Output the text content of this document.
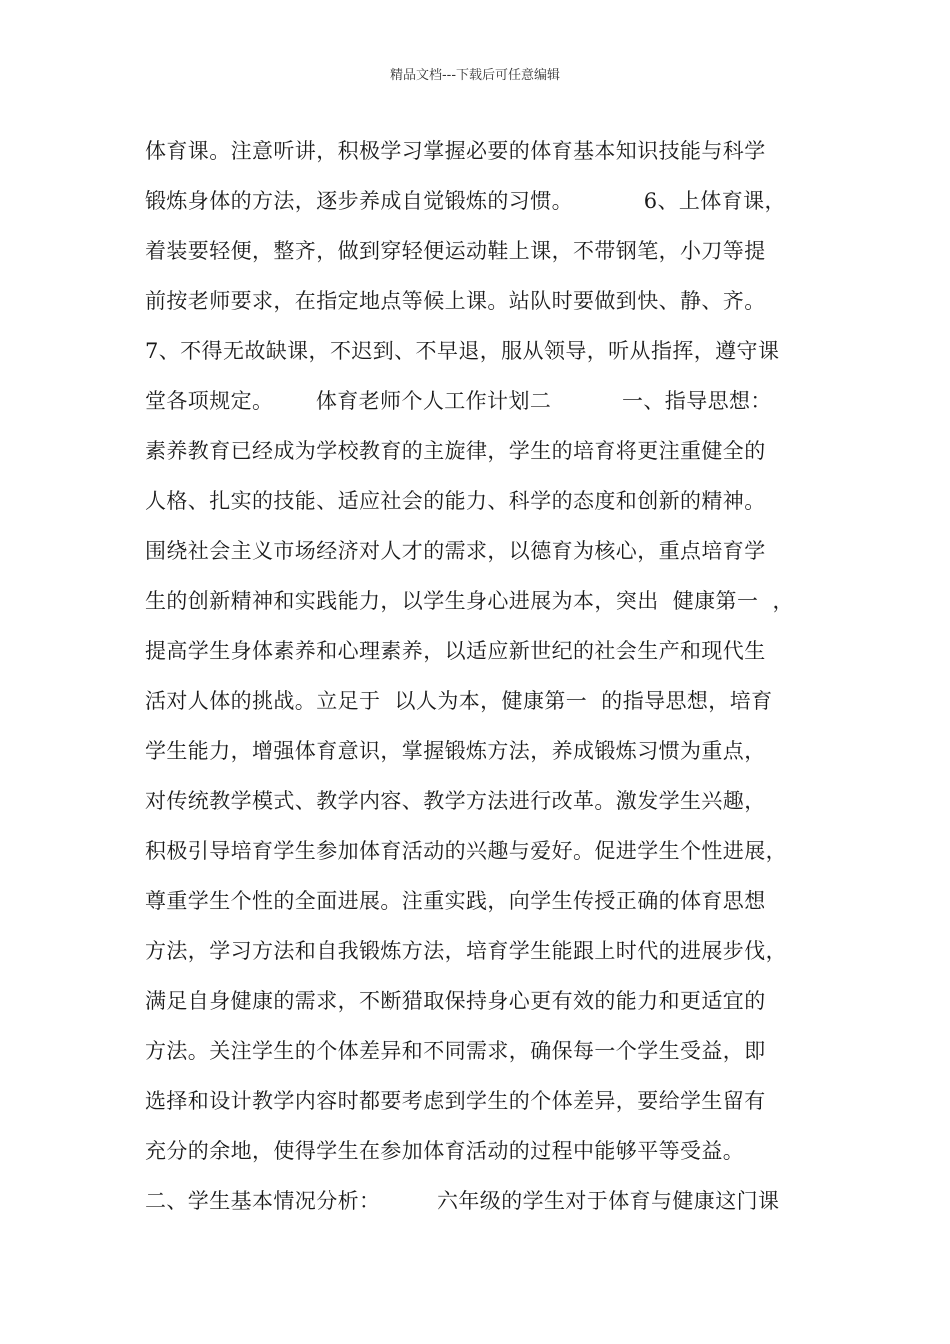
精品文档---下载后可任意编辑
体育课。注意听讲，积极学习掌握必要的体育基本知识技能与科学
锻炼身体的方法，逐步养成自觉锻炼的习惯。          6、上体育课，
着装要轻便，整齐，做到穿轻便运动鞋上课，不带钢笔，小刀等提
前按老师要求，在指定地点等候上课。站队时要做到快、静、齐。
7、不得无故缺课，不迟到、不早退，服从领导，听从指挥，遵守课
堂各项规定。      体育老师个人工作计划二          一、指导思想：
素养教育已经成为学校教育的主旋律，学生的培育将更注重健全的
人格、扎实的技能、适应社会的能力、科学的态度和创新的精神。
围绕社会主义市场经济对人才的需求，以德育为核心，重点培育学
生的创新精神和实践能力，以学生身心进展为本，突出  健康第一  ，
提高学生身体素养和心理素养，以适应新世纪的社会生产和现代生
活对人体的挑战。立足于  以人为本，健康第一  的指导思想，培育
学生能力，增强体育意识，掌握锻炼方法，养成锻炼习惯为重点，
对传统教学模式、教学内容、教学方法进行改革。激发学生兴趣，
积极引导培育学生参加体育活动的兴趣与爱好。促进学生个性进展，
尊重学生个性的全面进展。注重实践，向学生传授正确的体育思想
方法，学习方法和自我锻炼方法，培育学生能跟上时代的进展步伐，
满足自身健康的需求，不断猎取保持身心更有效的能力和更适宜的
方法。关注学生的个体差异和不同需求，确保每一个学生受益，即
选择和设计教学内容时都要考虑到学生的个体差异，要给学生留有
充分的余地，使得学生在参加体育活动的过程中能够平等受益。
二、学生基本情况分析：        六年级的学生对于体育与健康这门课
